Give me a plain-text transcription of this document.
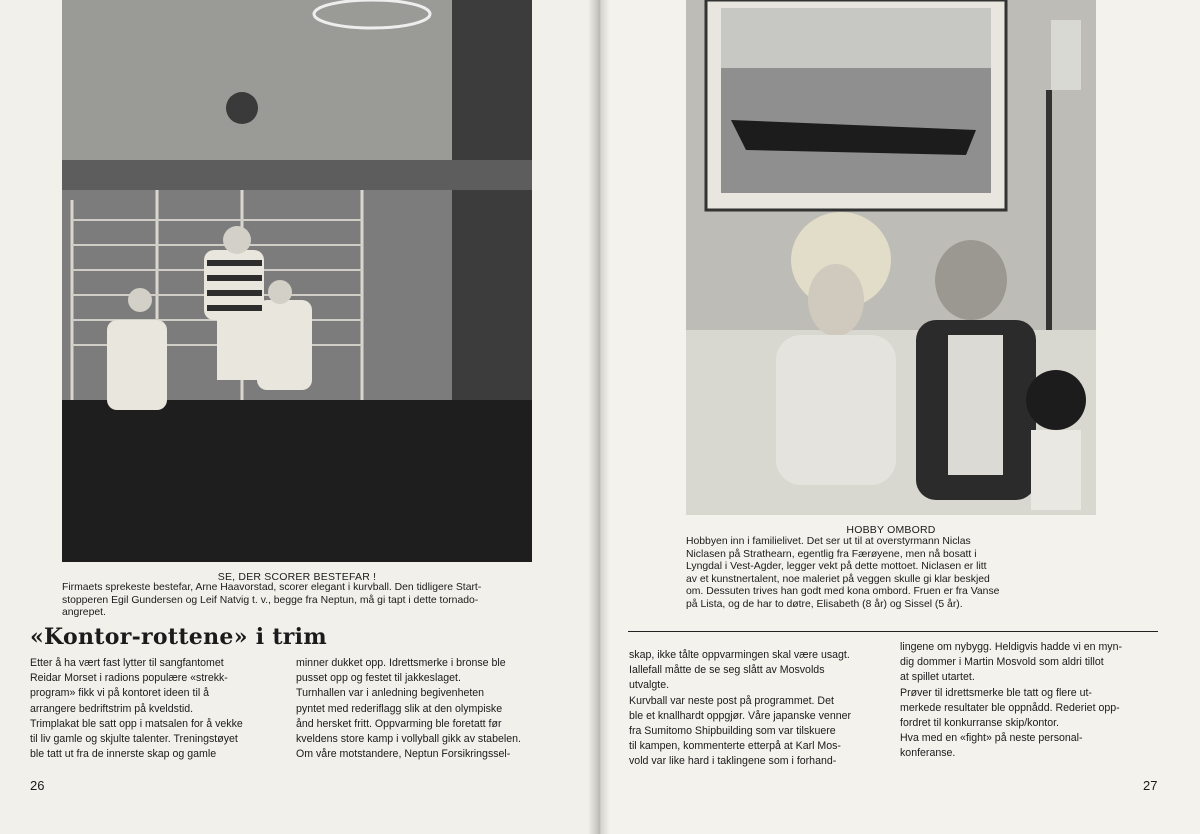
SE, DER SCORER BESTEFAR !
Firmaets sprekeste bestefar, Arne Haavorstad, scorer elegant i kurvball. Den tidligere Start-
stopperen Egil Gundersen og Leif Natvig t. v., begge fra Neptun, må gi tapt i dette tornado-
angrepet.
«Kontor-rottene» i trim

Etter å ha vært fast lytter til sangfantomet

Reidar Morset i radions populære «strekk-

program» fikk vi på kontoret ideen til å

arrangere bedriftstrim på kveldstid.

Trimplakat ble satt opp i matsalen for å vekke

til liv gamle og skjulte talenter. Treningstøyet

ble tatt ut fra de innerste skap og gamle

minner dukket opp. Idrettsmerke i bronse ble

pusset opp og festet til jakkeslaget.

Turnhallen var i anledning begivenheten

pyntet med rederiflagg slik at den olympiske

ånd hersket fritt. Oppvarming ble foretatt før

kveldens store kamp i vollyball gikk av stabelen.

Om våre motstandere, Neptun Forsikringssel-

26
HOBBY OMBORD
Hobbyen inn i familielivet. Det ser ut til at overstyrmann Niclas
Niclasen på Strathearn, egentlig fra Færøyene, men nå bosatt i
Lyngdal i Vest-Agder, legger vekt på dette mottoet. Niclasen er litt
av et kunstnertalent, noe maleriet på veggen skulle gi klar beskjed
om. Dessuten trives han godt med kona ombord. Fruen er fra Vanse
på Lista, og de har to døtre, Elisabeth (8 år) og Sissel (5 år).

skap, ikke tålte oppvarmingen skal være usagt.

Iallefall måtte de se seg slått av Mosvolds

utvalgte.

Kurvball var neste post på programmet. Det

ble et knallhardt oppgjør. Våre japanske venner

fra Sumitomo Shipbuilding som var tilskuere

til kampen, kommenterte etterpå at Karl Mos-

vold var like hard i taklingene som i forhand-

lingene om nybygg. Heldigvis hadde vi en myn-

dig dommer i Martin Mosvold som aldri tillot

at spillet utartet.

Prøver til idrettsmerke ble tatt og flere ut-

merkede resultater ble oppnådd. Rederiet opp-

fordret til konkurranse skip/kontor.

Hva med en «fight» på neste personal-

konferanse.

27
